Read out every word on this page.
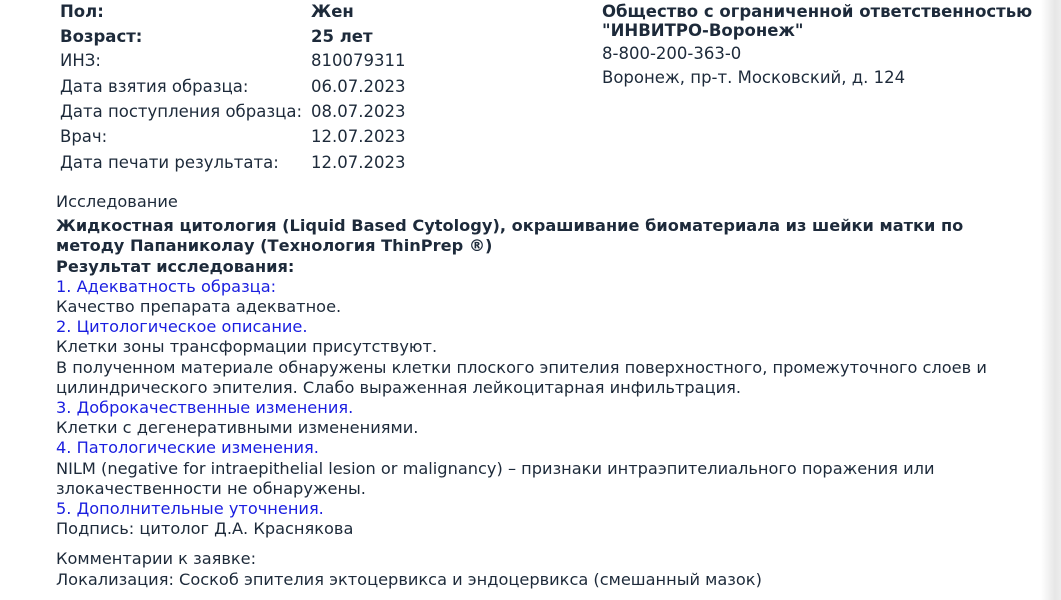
Пол:	Жен
Возраст:	25 лет
ИНЗ:	810079311
Дата взятия образца:	06.07.2023
Дата поступления образца: 08.07.2023
Врач:	12.07.2023
Дата печати результата: 12.07.2023
Общество с ограниченной ответственностью
"ИНВИТРО-Воронеж"
8-800-200-363-0
Воронеж, пр-т. Московский, д. 124

Исследование

Жидкостная цитология (Liquid Based Cytology), окрашивание биоматериала из шейки матки по методу Папаниколау (Технология ThinPrep ®)

Результат исследования:

1. Адекватность образца:

Качество препарата адекватное.

2. Цитологическое описание.

Клетки зоны трансформации присутствуют.

В полученном материале обнаружены клетки плоского эпителия поверхностного, промежуточного слоев и цилиндрического эпителия. Слабо выраженная лейкоцитарная инфильтрация.

3. Доброкачественные изменения.

Клетки с дегенеративными изменениями.

4. Патологические изменения.

NILM (negative for intraepithelial lesion or malignancy) – признаки интраэпителиального поражения или злокачественности не обнаружены.

5. Дополнительные уточнения.

Подпись: цитолог Д.А. Краснякова

Комментарии к заявке:

Локализация: Соскоб эпителия эктоцервикса и эндоцервикса (смешанный мазок)
